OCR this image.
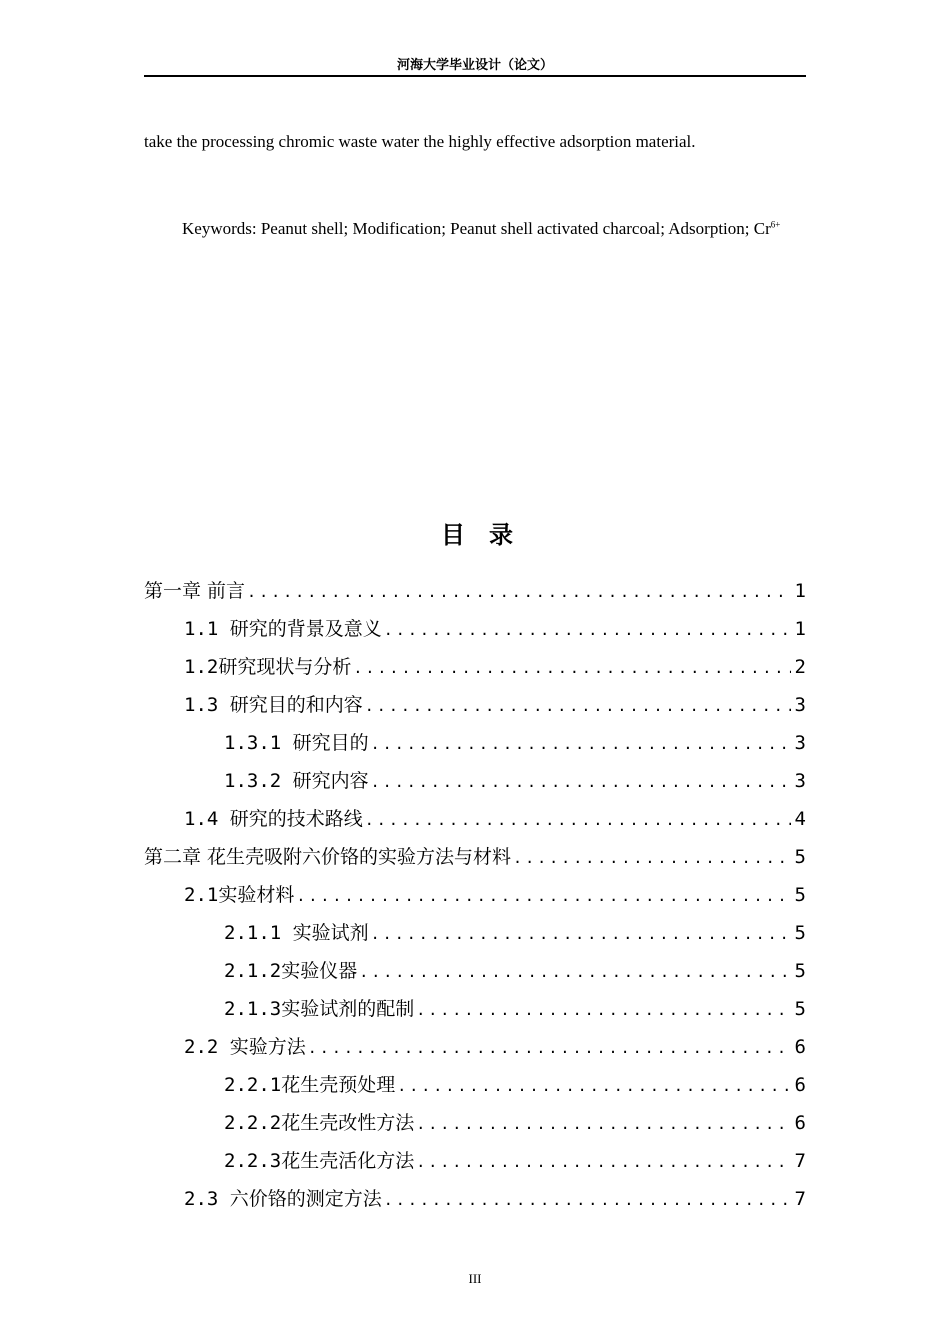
河海大学毕业设计（论文）
take the processing chromic waste water the highly effective adsorption material.
Keywords: Peanut shell; Modification; Peanut shell activated charcoal; Adsorption; $Cr^{6+}$
目 录
第一章 前言 .....	1
1.1 研究的背景及意义 .....	1
1.2研究现状与分析 .....	2
1.3 研究目的和内容 .....	3
1.3.1 研究目的 .....	3
1.3.2 研究内容 .....	3
1.4 研究的技术路线 .....	4
第二章 花生壳吸附六价铬的实验方法与材料 .....	5
2.1实验材料 .....	5
2.1.1 实验试剂 .....	5
2.1.2实验仪器 .....	5
2.1.3实验试剂的配制 .....	5
2.2 实验方法 .....	6
2.2.1花生壳预处理 .....	6
2.2.2花生壳改性方法 .....	6
2.2.3花生壳活化方法 .....	7
2.3 六价铬的测定方法 .....	7
III
